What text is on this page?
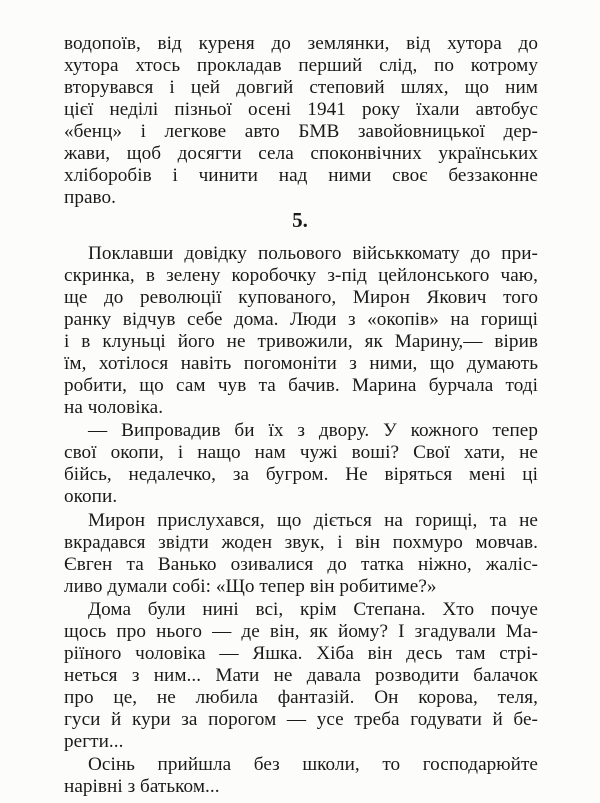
водопоїв, від куреня до землянки, від хутора до
хутора хтось прокладав перший слід, по котрому
вторувався і цей довгий степовий шлях, що ним
цієї неділі пізньої осені 1941 року їхали автобус
«бенц» і легкове авто БМВ завойовницької дер-
жави, щоб досягти села споконвічних українських
хліборобів і чинити над ними своє беззаконне
право.
5.
Поклавши довідку польового військкомату до при-
скринка, в зелену коробочку з-під цейлонського чаю,
ще до революції купованого, Мирон Якович того
ранку відчув себе дома. Люди з «окопів» на горищі
і в клуньці його не тривожили, як Марину,— вірив
їм, хотілося навіть погомоніти з ними, що думають
робити, що сам чув та бачив. Марина бурчала тоді
на чоловіка.
— Випровадив би їх з двору. У кожного тепер
свої окопи, і нащо нам чужі воші? Свої хати, не
бійсь, недалечко, за бугром. Не віряться мені ці
окопи.
Мирон прислухався, що діється на горищі, та не
вкрадався звідти жоден звук, і він похмуро мовчав.
Євген та Ванько озивалися до татка ніжно, жаліс-
ливо думали собі: «Що тепер він робитиме?»
Дома були нині всі, крім Степана. Хто почуе
щось про нього — де він, як йому? І згадували Ма-
ріїного чоловіка — Яшка. Хіба він десь там стрі-
неться з ним... Мати не давала розводити балачок
про це, не любила фантазій. Он корова, теля,
гуси й кури за порогом — усе треба годувати й бе-
регти...
Осінь прийшла без школи, то господарюйте
нарівні з батьком...
